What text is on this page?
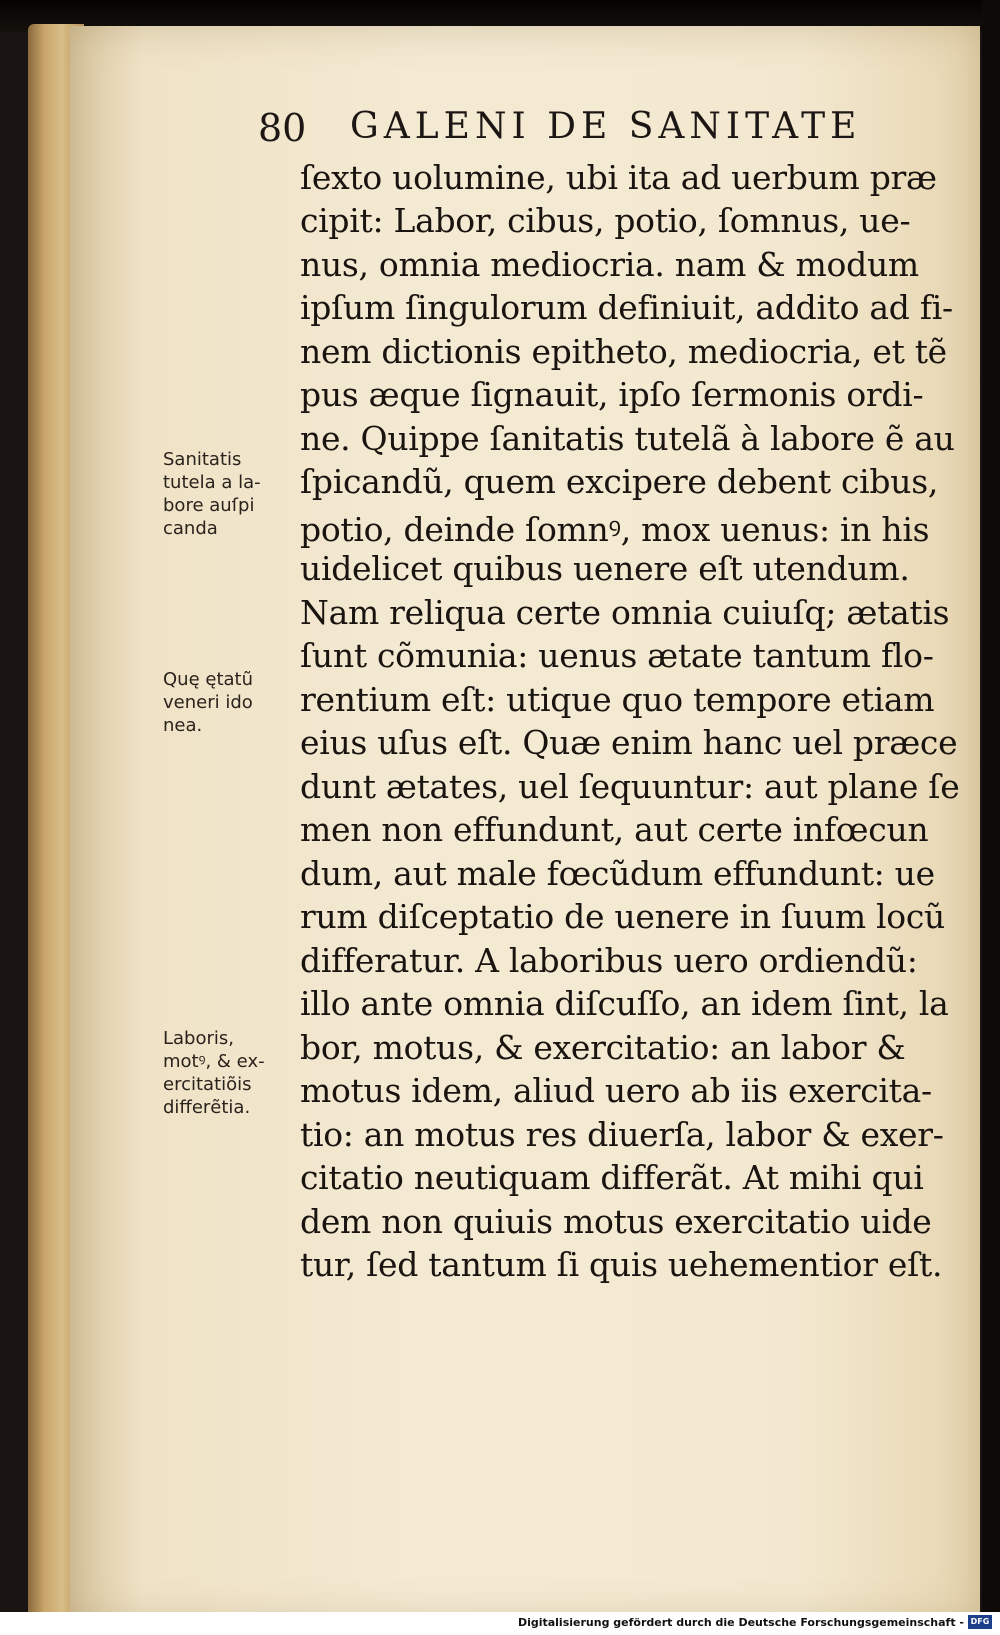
80 GALENI DE SANITATE
ſexto uolumine, ubi ita ad uerbum præ
cipit: Labor, cibus, potio, ſomnus, ue-
nus, omnia mediocria. nam & modum
ipſum ſingulorum definiuit, addito ad fi-
nem dictionis epitheto, mediocria, et tẽ
pus æque ſignauit, ipſo ſermonis ordi-
ne. Quippe ſanitatis tutelã à labore ẽ au
ſpicandũ, quem excipere debent cibus,
potio, deinde ſomnꝰ, mox uenus: in his
uidelicet quibus uenere eſt utendum.
Nam reliqua certe omnia cuiuſq; ætatis
ſunt cõmunia: uenus ætate tantum flo-
rentium eſt: utique quo tempore etiam
eius uſus eſt. Quæ enim hanc uel præce
dunt ætates, uel ſequuntur: aut plane ſe
men non effundunt, aut certe infœcun
dum, aut male fœcũdum effundunt: ue
rum diſceptatio de uenere in ſuum locũ
differatur. A laboribus uero ordiendũ:
illo ante omnia diſcuſſo, an idem ſint, la
bor, motus, & exercitatio: an labor &
motus idem, aliud uero ab iis exercita-
tio: an motus res diuerſa, labor & exer-
citatio neutiquam differãt. At mihi qui
dem non quiuis motus exercitatio uide
tur, ſed tantum ſi quis uehementior eſt.
Sanitatis
tutela a la-
bore auſpi
canda
Quę ętatũ
veneri ido
nea.
Laboris,
motꝰ, & ex-
ercitatiõis
differẽtia.
Digitalisierung gefördert durch die Deutsche Forschungsgemeinschaft - DFG
